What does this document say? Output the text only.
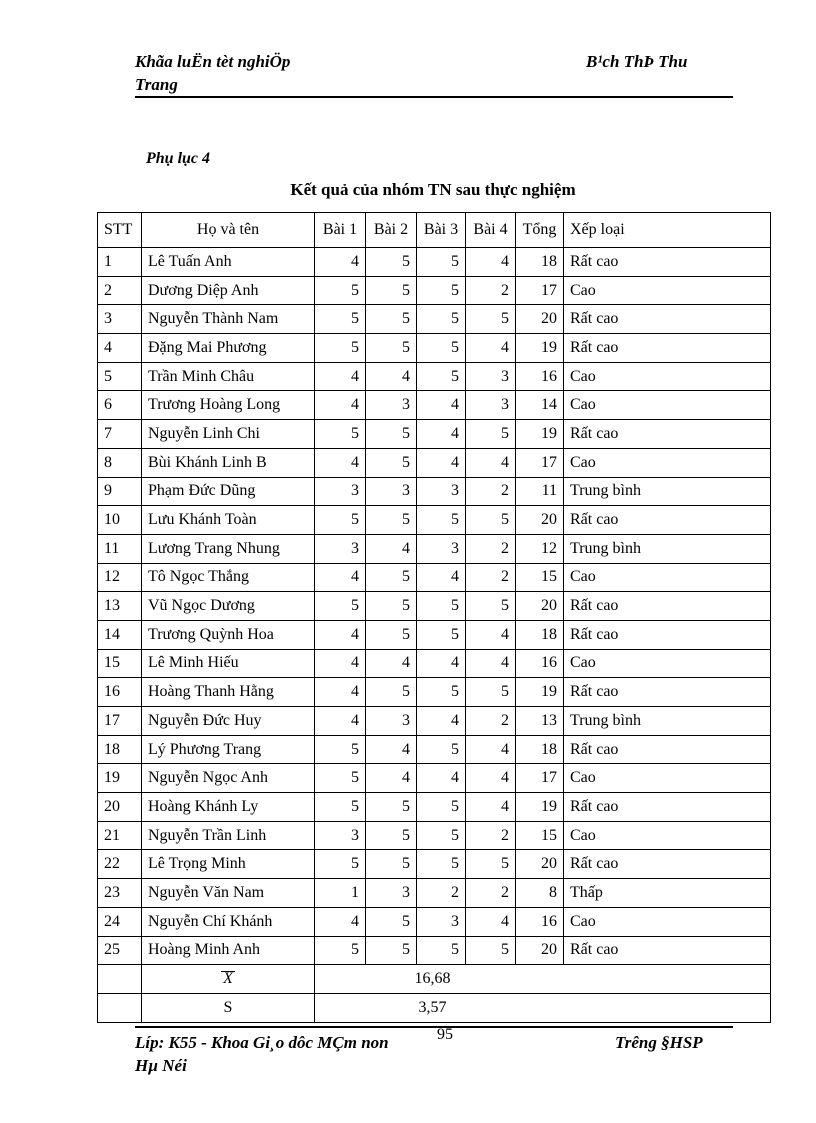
Khãa luËn tèt nghiÖp
Trang
B¹ch ThÞ Thu
Phụ lục 4
Kết quả của nhóm TN sau thực nghiệm
STT	Họ và tên	Bài 1	Bài 2	Bài 3	Bài 4	Tổng	Xếp loại
1	Lê Tuấn Anh	4	5	5	4	18	Rất cao
2	Dương Diệp Anh	5	5	5	2	17	Cao
3	Nguyễn Thành Nam	5	5	5	5	20	Rất cao
4	Đặng Mai Phương	5	5	5	4	19	Rất cao
5	Trần Minh Châu	4	4	5	3	16	Cao
6	Trương Hoàng Long	4	3	4	3	14	Cao
7	Nguyễn Linh Chi	5	5	4	5	19	Rất cao
8	Bùi Khánh Linh B	4	5	4	4	17	Cao
9	Phạm Đức Dũng	3	3	3	2	11	Trung bình
10	Lưu Khánh Toàn	5	5	5	5	20	Rất cao
11	Lương Trang Nhung	3	4	3	2	12	Trung bình
12	Tô Ngọc Thắng	4	5	4	2	15	Cao
13	Vũ Ngọc Dương	5	5	5	5	20	Rất cao
14	Trương Quỳnh Hoa	4	5	5	4	18	Rất cao
15	Lê Minh Hiếu	4	4	4	4	16	Cao
16	Hoàng Thanh Hằng	4	5	5	5	19	Rất cao
17	Nguyễn Đức Huy	4	3	4	2	13	Trung bình
18	Lý Phương Trang	5	4	5	4	18	Rất cao
19	Nguyễn Ngọc Anh	5	4	4	4	17	Cao
20	Hoàng Khánh Ly	5	5	5	4	19	Rất cao
21	Nguyễn Trần Linh	3	5	5	2	15	Cao
22	Lê Trọng Minh	5	5	5	5	20	Rất cao
23	Nguyễn Văn Nam	1	3	2	2	8	Thấp
24	Nguyễn Chí Khánh	4	5	3	4	16	Cao
25	Hoàng Minh Anh	5	5	5	5	20	Rất cao
	X	16,68					
	S	3,57					
Líp: K55 - Khoa Gi¸o dôc MÇm non
Hµ Néi
95	Trêng §HSP
